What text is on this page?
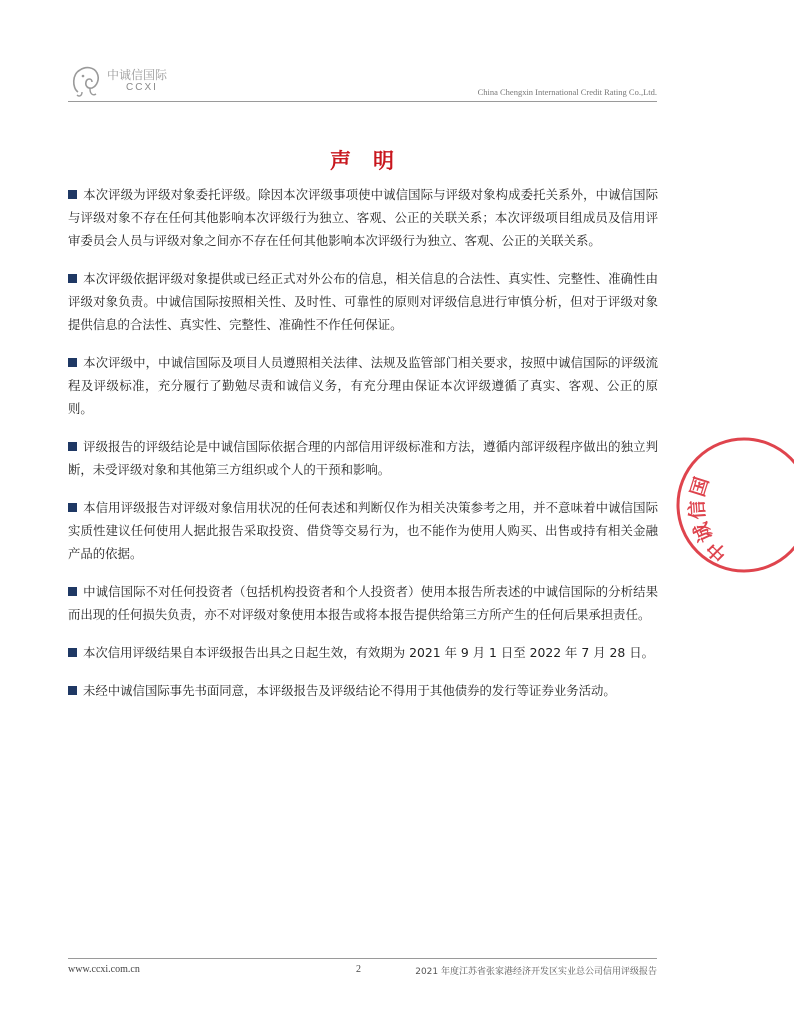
中诚信国际
CCXI	China Chengxin International Credit Rating Co.,Ltd.
声明

本次评级为评级对象委托评级。除因本次评级事项使中诚信国际与评级对象构成委托关系外，中诚信国际与评级对象不存在任何其他影响本次评级行为独立、客观、公正的关联关系；本次评级项目组成员及信用评审委员会人员与评级对象之间亦不存在任何其他影响本次评级行为独立、客观、公正的关联关系。

本次评级依据评级对象提供或已经正式对外公布的信息，相关信息的合法性、真实性、完整性、准确性由评级对象负责。中诚信国际按照相关性、及时性、可靠性的原则对评级信息进行审慎分析，但对于评级对象提供信息的合法性、真实性、完整性、准确性不作任何保证。

本次评级中，中诚信国际及项目人员遵照相关法律、法规及监管部门相关要求，按照中诚信国际的评级流程及评级标准，充分履行了勤勉尽责和诚信义务，有充分理由保证本次评级遵循了真实、客观、公正的原则。

评级报告的评级结论是中诚信国际依据合理的内部信用评级标准和方法，遵循内部评级程序做出的独立判断，未受评级对象和其他第三方组织或个人的干预和影响。

本信用评级报告对评级对象信用状况的任何表述和判断仅作为相关决策参考之用，并不意味着中诚信国际实质性建议任何使用人据此报告采取投资、借贷等交易行为，也不能作为使用人购买、出售或持有相关金融产品的依据。

中诚信国际不对任何投资者（包括机构投资者和个人投资者）使用本报告所表述的中诚信国际的分析结果而出现的任何损失负责，亦不对评级对象使用本报告或将本报告提供给第三方所产生的任何后果承担责任。

本次信用评级结果自本评级报告出具之日起生效，有效期为 2021 年 9 月 1 日至 2022 年 7 月 28 日。

未经中诚信国际事先书面同意，本评级报告及评级结论不得用于其他债券的发行等证券业务活动。

中诚信国
www.ccxi.com.cn	2	2021 年度江苏省张家港经济开发区实业总公司信用评级报告
